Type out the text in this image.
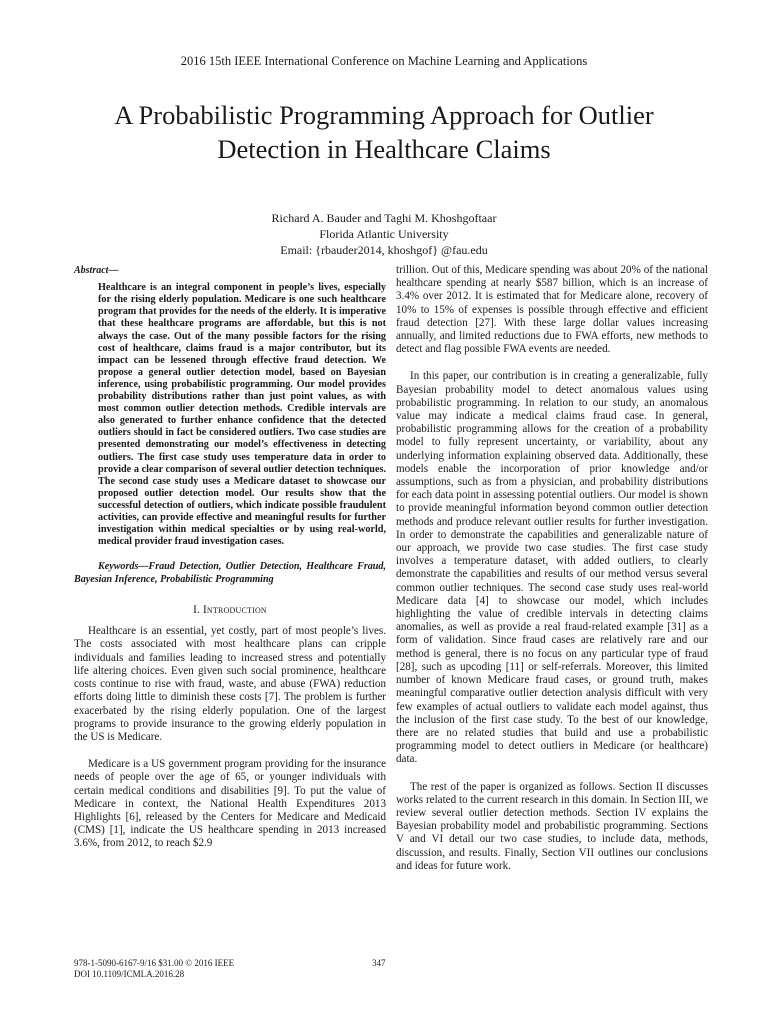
2016 15th IEEE International Conference on Machine Learning and Applications
A Probabilistic Programming Approach for Outlier Detection in Healthcare Claims
Richard A. Bauder and Taghi M. Khoshgoftaar
Florida Atlantic University
Email: {rbauder2014, khoshgof} @fau.edu
Abstract—

Healthcare is an integral component in people’s lives, especially for the rising elderly population. Medicare is one such healthcare program that provides for the needs of the elderly. It is imperative that these healthcare programs are affordable, but this is not always the case. Out of the many possible factors for the rising cost of healthcare, claims fraud is a major contributor, but its impact can be lessened through effective fraud detection. We propose a general outlier detection model, based on Bayesian inference, using probabilistic programming. Our model provides probability distributions rather than just point values, as with most common outlier detection methods. Credible intervals are also generated to further enhance confidence that the detected outliers should in fact be considered outliers. Two case studies are presented demonstrating our model’s effectiveness in detecting outliers. The first case study uses temperature data in order to provide a clear comparison of several outlier detection techniques. The second case study uses a Medicare dataset to showcase our proposed outlier detection model. Our results show that the successful detection of outliers, which indicate possible fraudulent activities, can provide effective and meaningful results for further investigation within medical specialties or by using real-world, medical provider fraud investigation cases.

Keywords—Fraud Detection, Outlier Detection, Healthcare Fraud, Bayesian Inference, Probabilistic Programming

I. Introduction

Healthcare is an essential, yet costly, part of most people’s lives. The costs associated with most healthcare plans can cripple individuals and families leading to increased stress and potentially life altering choices. Even given such social prominence, healthcare costs continue to rise with fraud, waste, and abuse (FWA) reduction efforts doing little to diminish these costs [7]. The problem is further exacerbated by the rising elderly population. One of the largest programs to provide insurance to the growing elderly population in the US is Medicare.

Medicare is a US government program providing for the insurance needs of people over the age of 65, or younger individuals with certain medical conditions and disabilities [9]. To put the value of Medicare in context, the National Health Expenditures 2013 Highlights [6], released by the Centers for Medicare and Medicaid (CMS) [1], indicate the US healthcare spending in 2013 increased 3.6%, from 2012, to reach $2.9

trillion. Out of this, Medicare spending was about 20% of the national healthcare spending at nearly $587 billion, which is an increase of 3.4% over 2012. It is estimated that for Medicare alone, recovery of 10% to 15% of expenses is possible through effective and efficient fraud detection [27]. With these large dollar values increasing annually, and limited reductions due to FWA efforts, new methods to detect and flag possible FWA events are needed.

In this paper, our contribution is in creating a generalizable, fully Bayesian probability model to detect anomalous values using probabilistic programming. In relation to our study, an anomalous value may indicate a medical claims fraud case. In general, probabilistic programming allows for the creation of a probability model to fully represent uncertainty, or variability, about any underlying information explaining observed data. Additionally, these models enable the incorporation of prior knowledge and/or assumptions, such as from a physician, and probability distributions for each data point in assessing potential outliers. Our model is shown to provide meaningful information beyond common outlier detection methods and produce relevant outlier results for further investigation. In order to demonstrate the capabilities and generalizable nature of our approach, we provide two case studies. The first case study involves a temperature dataset, with added outliers, to clearly demonstrate the capabilities and results of our method versus several common outlier techniques. The second case study uses real-world Medicare data [4] to showcase our model, which includes highlighting the value of credible intervals in detecting claims anomalies, as well as provide a real fraud-related example [31] as a form of validation. Since fraud cases are relatively rare and our method is general, there is no focus on any particular type of fraud [28], such as upcoding [11] or self-referrals. Moreover, this limited number of known Medicare fraud cases, or ground truth, makes meaningful comparative outlier detection analysis difficult with very few examples of actual outliers to validate each model against, thus the inclusion of the first case study. To the best of our knowledge, there are no related studies that build and use a probabilistic programming model to detect outliers in Medicare (or healthcare) data.

The rest of the paper is organized as follows. Section II discusses works related to the current research in this domain. In Section III, we review several outlier detection methods. Section IV explains the Bayesian probability model and probabilistic programming. Sections V and VI detail our two case studies, to include data, methods, discussion, and results. Finally, Section VII outlines our conclusions and ideas for future work.

978-1-5090-6167-9/16 $31.00 © 2016 IEEE
DOI 10.1109/ICMLA.2016.28
347
